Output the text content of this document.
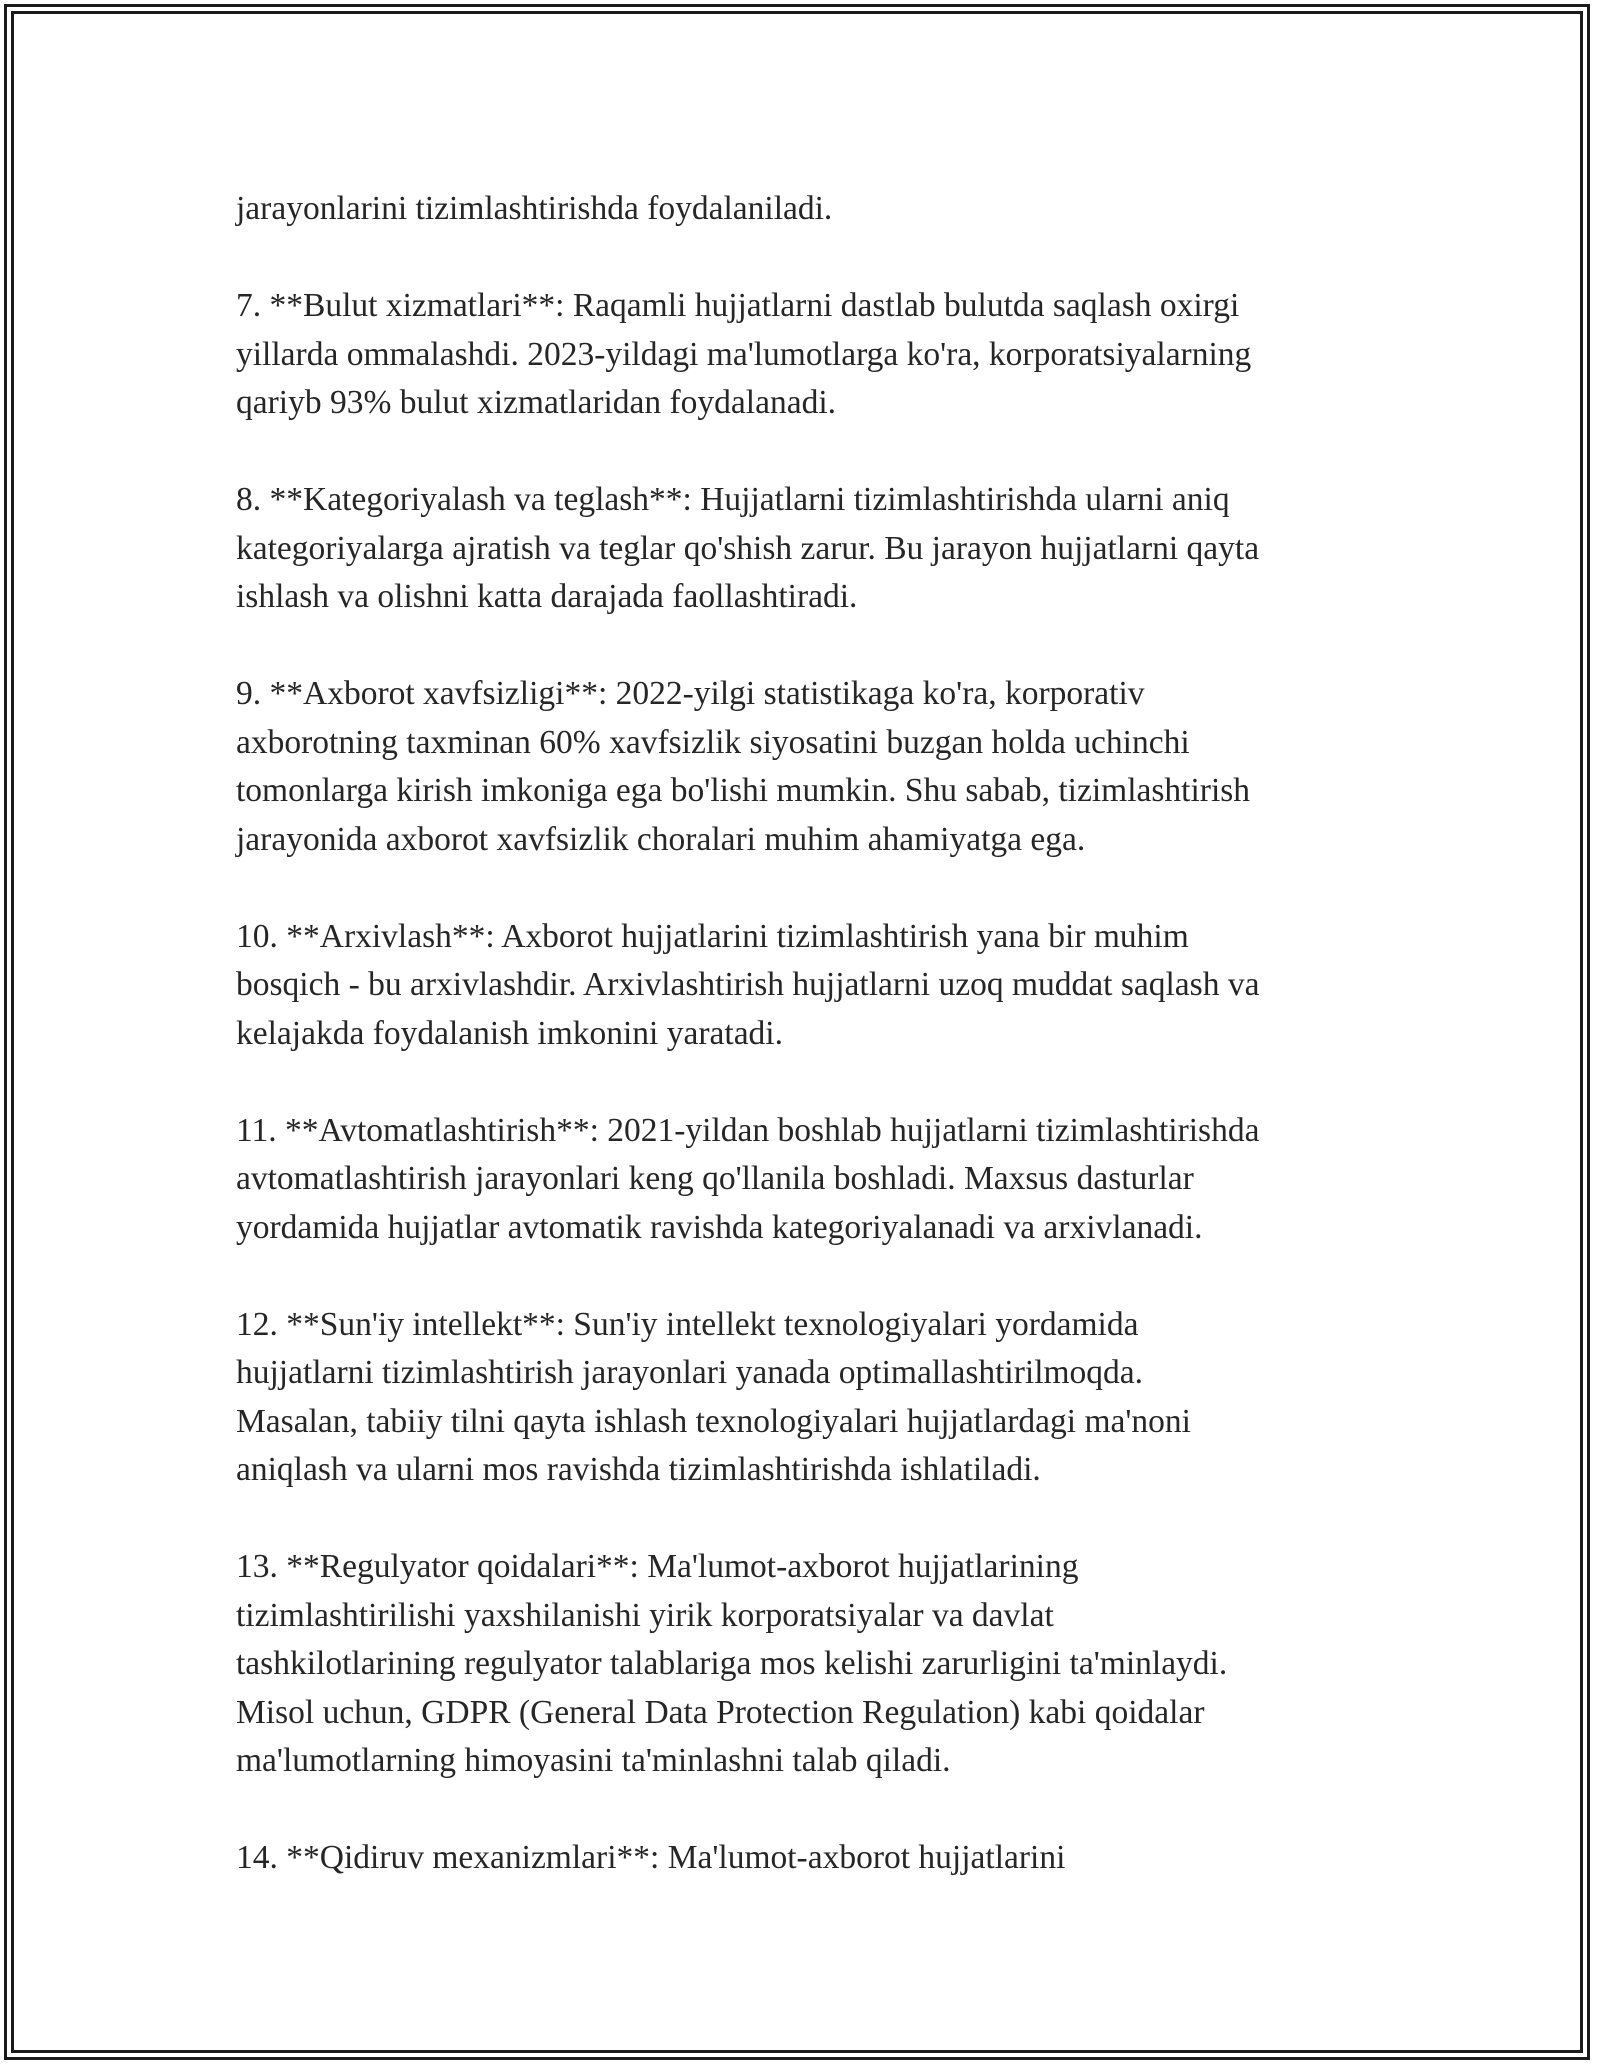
jarayonlarini tizimlashtirishda foydalaniladi.
7. **Bulut xizmatlari**: Raqamli hujjatlarni dastlab bulutda saqlash oxirgi
yillarda ommalashdi. 2023-yildagi ma'lumotlarga ko'ra, korporatsiyalarning
qariyb 93% bulut xizmatlaridan foydalanadi.
8. **Kategoriyalash va teglash**: Hujjatlarni tizimlashtirishda ularni aniq
kategoriyalarga ajratish va teglar qo'shish zarur. Bu jarayon hujjatlarni qayta
ishlash va olishni katta darajada faollashtiradi.
9. **Axborot xavfsizligi**: 2022-yilgi statistikaga ko'ra, korporativ
axborotning taxminan 60% xavfsizlik siyosatini buzgan holda uchinchi
tomonlarga kirish imkoniga ega bo'lishi mumkin. Shu sabab, tizimlashtirish
jarayonida axborot xavfsizlik choralari muhim ahamiyatga ega.
10. **Arxivlash**: Axborot hujjatlarini tizimlashtirish yana bir muhim
bosqich - bu arxivlashdir. Arxivlashtirish hujjatlarni uzoq muddat saqlash va
kelajakda foydalanish imkonini yaratadi.
11. **Avtomatlashtirish**: 2021-yildan boshlab hujjatlarni tizimlashtirishda
avtomatlashtirish jarayonlari keng qo'llanila boshladi. Maxsus dasturlar
yordamida hujjatlar avtomatik ravishda kategoriyalanadi va arxivlanadi.
12. **Sun'iy intellekt**: Sun'iy intellekt texnologiyalari yordamida
hujjatlarni tizimlashtirish jarayonlari yanada optimallashtirilmoqda.
Masalan, tabiiy tilni qayta ishlash texnologiyalari hujjatlardagi ma'noni
aniqlash va ularni mos ravishda tizimlashtirishda ishlatiladi.
13. **Regulyator qoidalari**: Ma'lumot-axborot hujjatlarining
tizimlashtirilishi yaxshilanishi yirik korporatsiyalar va davlat
tashkilotlarining regulyator talablariga mos kelishi zarurligini ta'minlaydi.
Misol uchun, GDPR (General Data Protection Regulation) kabi qoidalar
ma'lumotlarning himoyasini ta'minlashni talab qiladi.
14. **Qidiruv mexanizmlari**: Ma'lumot-axborot hujjatlarini
